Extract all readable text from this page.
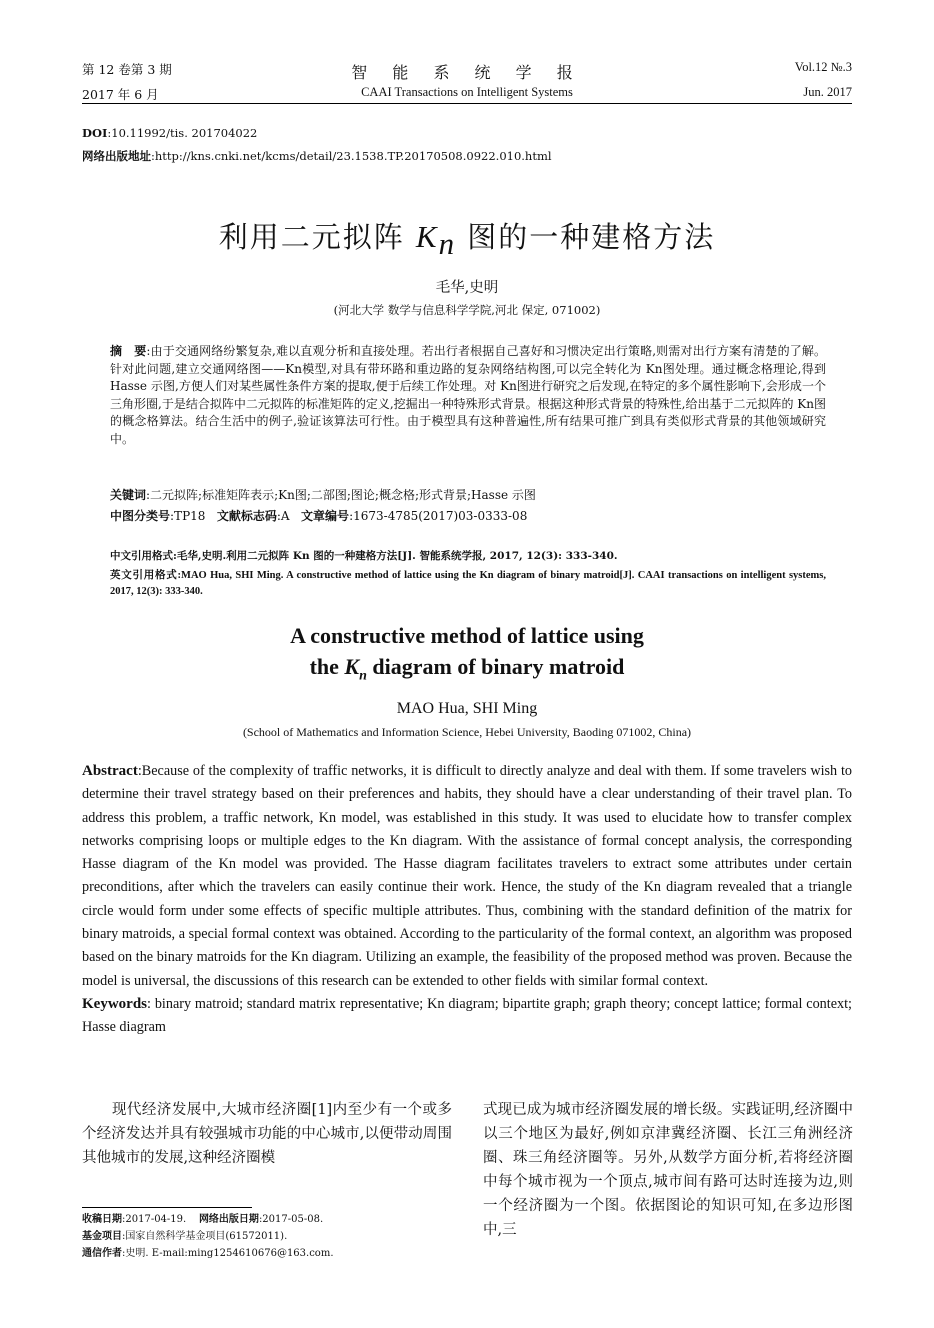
第 12 卷第 3 期
2017 年 6 月
智 能 系 统 学 报
CAAI Transactions on Intelligent Systems
Vol.12 №.3
Jun. 2017
DOI:10.11992/tis. 201704022
网络出版地址:http://kns.cnki.net/kcms/detail/23.1538.TP.20170508.0922.010.html
利用二元拟阵 $K_n$ 图的一种建格方法
毛华,史明
(河北大学 数学与信息科学学院,河北 保定, 071002)
摘　要:由于交通网络纷繁复杂,难以直观分析和直接处理。若出行者根据自己喜好和习惯决定出行策略,则需对出行方案有清楚的了解。针对此问题,建立交通网络图——Kn模型,对具有带环路和重边路的复杂网络结构图,可以完全转化为 Kn图处理。通过概念格理论,得到 Hasse 示图,方便人们对某些属性条件方案的提取,便于后续工作处理。对 Kn图进行研究之后发现,在特定的多个属性影响下,会形成一个三角形圈,于是结合拟阵中二元拟阵的标准矩阵的定义,挖掘出一种特殊形式背景。根据这种形式背景的特殊性,给出基于二元拟阵的 Kn图的概念格算法。结合生活中的例子,验证该算法可行性。由于模型具有这种普遍性,所有结果可推广到具有类似形式背景的其他领域研究中。
关键词:二元拟阵;标准矩阵表示;Kn图;二部图;图论;概念格;形式背景;Hasse 示图
中图分类号:TP18 文献标志码:A 文章编号:1673-4785(2017)03-0333-08
中文引用格式:毛华,史明.利用二元拟阵 Kn 图的一种建格方法[J]. 智能系统学报, 2017, 12(3): 333-340.
英文引用格式:MAO Hua, SHI Ming. A constructive method of lattice using the Kn diagram of binary matroid[J]. CAAI transactions on intelligent systems, 2017, 12(3): 333-340.
A constructive method of lattice using
the $K_n$ diagram of binary matroid
MAO Hua, SHI Ming
(School of Mathematics and Information Science, Hebei University, Baoding 071002, China)
Abstract:Because of the complexity of traffic networks, it is difficult to directly analyze and deal with them. If some travelers wish to determine their travel strategy based on their preferences and habits, they should have a clear understanding of their travel plan. To address this problem, a traffic network, Kn model, was established in this study. It was used to elucidate how to transfer complex networks comprising loops or multiple edges to the Kn diagram. With the assistance of formal concept analysis, the corresponding Hasse diagram of the Kn model was provided. The Hasse diagram facilitates travelers to extract some attributes under certain preconditions, after which the travelers can easily continue their work. Hence, the study of the Kn diagram revealed that a triangle circle would form under some effects of specific multiple attributes. Thus, combining with the standard definition of the matrix for binary matroids, a special formal context was obtained. According to the particularity of the formal context, an algorithm was proposed based on the binary matroids for the Kn diagram. Utilizing an example, the feasibility of the proposed method was proven. Because the model is universal, the discussions of this research can be extended to other fields with similar formal context.
Keywords: binary matroid; standard matrix representative; Kn diagram; bipartite graph; graph theory; concept lattice; formal context; Hasse diagram
　　现代经济发展中,大城市经济圈[1]内至少有一个或多个经济发达并具有较强城市功能的中心城市,以便带动周围其他城市的发展,这种经济圈模
式现已成为城市经济圈发展的增长级。实践证明,经济圈中以三个地区为最好,例如京津冀经济圈、长江三角洲经济圈、珠三角经济圈等。另外,从数学方面分析,若将经济圈中每个城市视为一个顶点,城市间有路可达时连接为边,则一个经济圈为一个图。依据图论的知识可知,在多边形图中,三
收稿日期:2017-04-19. 网络出版日期:2017-05-08.
基金项目:国家自然科学基金项目(61572011).
通信作者:史明. E-mail:ming1254610676@163.com.
